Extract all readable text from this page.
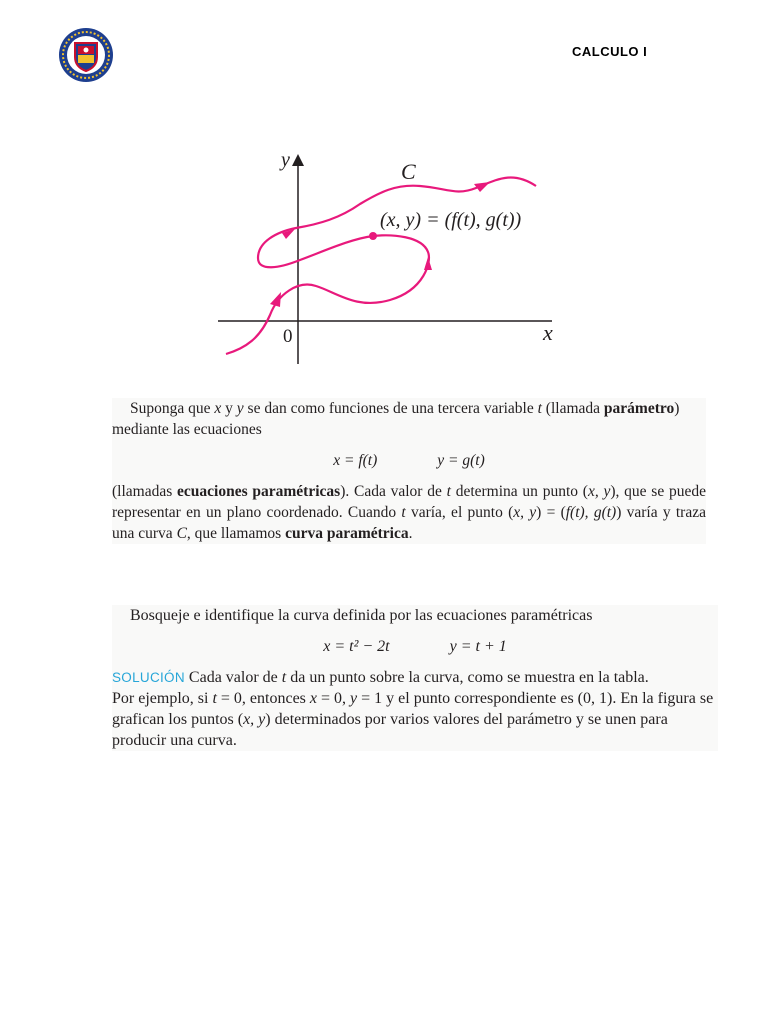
CALCULO I
y
x
0
C
(x, y) = (f(t), g(t))

Suponga que x y y se dan como funciones de una tercera variable t (llamada parámetro)
mediante las ecuaciones

x = f(t)	y = g(t)

(llamadas ecuaciones paramétricas). Cada valor de t determina un punto (x, y), que se puede representar en un plano coordenado. Cuando t varía, el punto (x, y) = (f(t), g(t)) varía y traza una curva C, que llamamos curva paramétrica.

Bosqueje e identifique la curva definida por las ecuaciones paramétricas

x = t² − 2t	y = t + 1

SOLUCIÓN Cada valor de t da un punto sobre la curva, como se muestra en la tabla.
Por ejemplo, si t = 0, entonces x = 0, y = 1 y el punto correspondiente es (0, 1). En la figura se grafican los puntos (x, y) determinados por varios valores del parámetro y se unen para producir una curva.
